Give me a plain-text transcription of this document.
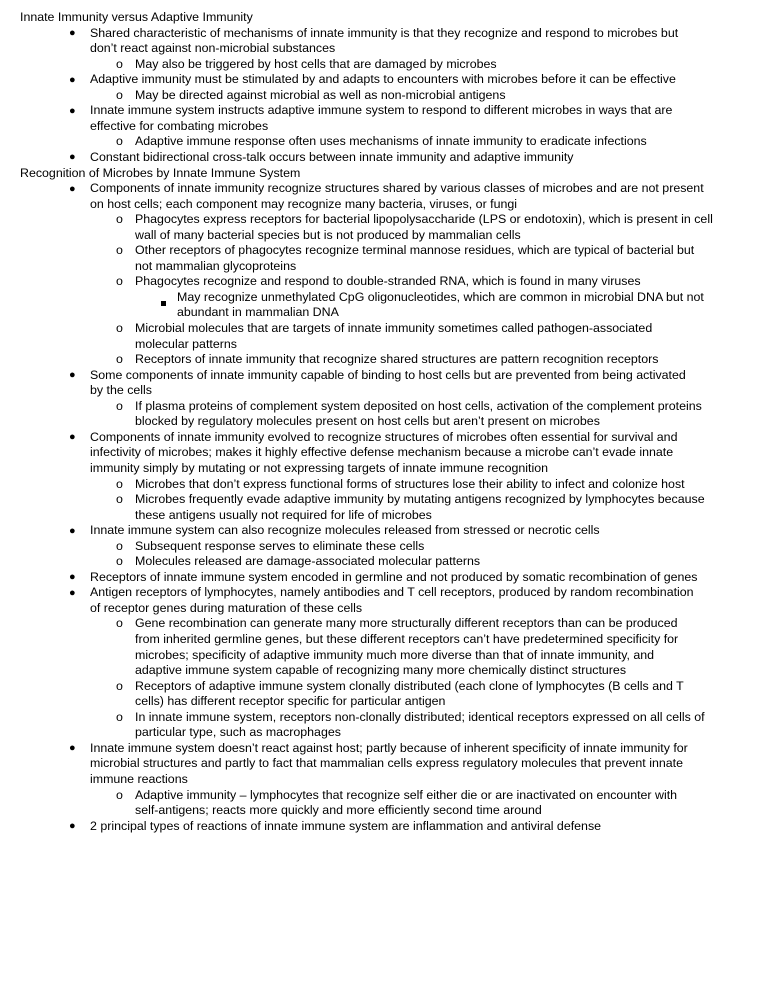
Innate Immunity versus Adaptive Immunity
● Shared characteristic of mechanisms of innate immunity is that they recognize and respond to microbes but
don’t react against non-microbial substances
o May also be triggered by host cells that are damaged by microbes
● Adaptive immunity must be stimulated by and adapts to encounters with microbes before it can be effective
o May be directed against microbial as well as non-microbial antigens
● Innate immune system instructs adaptive immune system to respond to different microbes in ways that are
effective for combating microbes
o Adaptive immune response often uses mechanisms of innate immunity to eradicate infections
● Constant bidirectional cross-talk occurs between innate immunity and adaptive immunity
Recognition of Microbes by Innate Immune System
● Components of innate immunity recognize structures shared by various classes of microbes and are not present
on host cells; each component may recognize many bacteria, viruses, or fungi
o Phagocytes express receptors for bacterial lipopolysaccharide (LPS or endotoxin), which is present in cell
wall of many bacterial species but is not produced by mammalian cells
o Other receptors of phagocytes recognize terminal mannose residues, which are typical of bacterial but
not mammalian glycoproteins
o Phagocytes recognize and respond to double-stranded RNA, which is found in many viruses
May recognize unmethylated CpG oligonucleotides, which are common in microbial DNA but not
abundant in mammalian DNA
o Microbial molecules that are targets of innate immunity sometimes called pathogen-associated
molecular patterns
o Receptors of innate immunity that recognize shared structures are pattern recognition receptors
● Some components of innate immunity capable of binding to host cells but are prevented from being activated
by the cells
o If plasma proteins of complement system deposited on host cells, activation of the complement proteins
blocked by regulatory molecules present on host cells but aren’t present on microbes
● Components of innate immunity evolved to recognize structures of microbes often essential for survival and
infectivity of microbes; makes it highly effective defense mechanism because a microbe can’t evade innate
immunity simply by mutating or not expressing targets of innate immune recognition
o Microbes that don’t express functional forms of structures lose their ability to infect and colonize host
o Microbes frequently evade adaptive immunity by mutating antigens recognized by lymphocytes because
these antigens usually not required for life of microbes
● Innate immune system can also recognize molecules released from stressed or necrotic cells
o Subsequent response serves to eliminate these cells
o Molecules released are damage-associated molecular patterns
● Receptors of innate immune system encoded in germline and not produced by somatic recombination of genes
● Antigen receptors of lymphocytes, namely antibodies and T cell receptors, produced by random recombination
of receptor genes during maturation of these cells
o Gene recombination can generate many more structurally different receptors than can be produced
from inherited germline genes, but these different receptors can’t have predetermined specificity for
microbes; specificity of adaptive immunity much more diverse than that of innate immunity, and
adaptive immune system capable of recognizing many more chemically distinct structures
o Receptors of adaptive immune system clonally distributed (each clone of lymphocytes (B cells and T
cells) has different receptor specific for particular antigen
o In innate immune system, receptors non-clonally distributed; identical receptors expressed on all cells of
particular type, such as macrophages
● Innate immune system doesn’t react against host; partly because of inherent specificity of innate immunity for
microbial structures and partly to fact that mammalian cells express regulatory molecules that prevent innate
immune reactions
o Adaptive immunity – lymphocytes that recognize self either die or are inactivated on encounter with
self-antigens; reacts more quickly and more efficiently second time around
● 2 principal types of reactions of innate immune system are inflammation and antiviral defense
